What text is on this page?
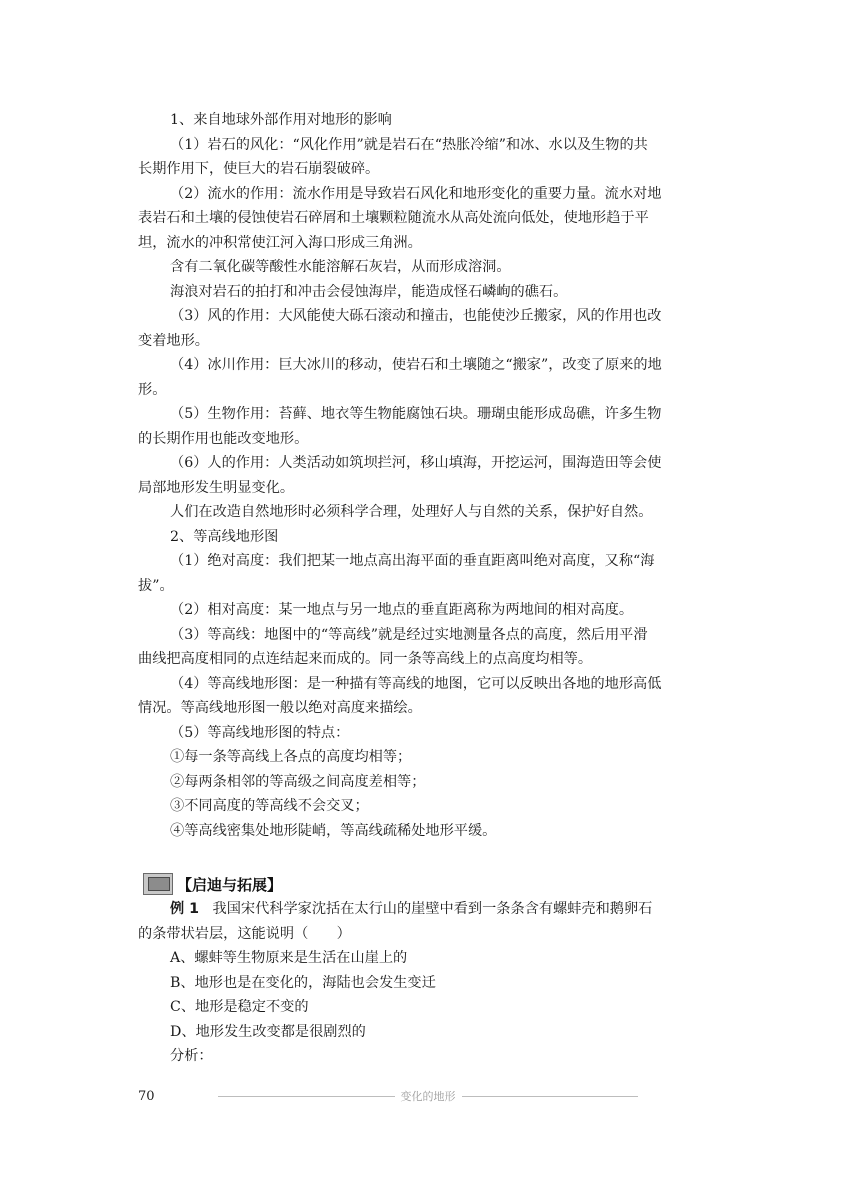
1、来自地球外部作用对地形的影响
（1）岩石的风化：“风化作用”就是岩石在“热胀冷缩”和冰、水以及生物的共
长期作用下，使巨大的岩石崩裂破碎。
（2）流水的作用：流水作用是导致岩石风化和地形变化的重要力量。流水对地
表岩石和土壤的侵蚀使岩石碎屑和土壤颗粒随流水从高处流向低处，使地形趋于平
坦，流水的冲积常使江河入海口形成三角洲。
含有二氧化碳等酸性水能溶解石灰岩，从而形成溶洞。
海浪对岩石的拍打和冲击会侵蚀海岸，能造成怪石嶙峋的礁石。
（3）风的作用：大风能使大砾石滚动和撞击，也能使沙丘搬家，风的作用也改
变着地形。
（4）冰川作用：巨大冰川的移动，使岩石和土壤随之“搬家”，改变了原来的地
形。
（5）生物作用：苔藓、地衣等生物能腐蚀石块。珊瑚虫能形成岛礁，许多生物
的长期作用也能改变地形。
（6）人的作用：人类活动如筑坝拦河，移山填海，开挖运河，围海造田等会使
局部地形发生明显变化。
人们在改造自然地形时必须科学合理，处理好人与自然的关系，保护好自然。
2、等高线地形图
（1）绝对高度：我们把某一地点高出海平面的垂直距离叫绝对高度，又称“海
拔”。
（2）相对高度：某一地点与另一地点的垂直距离称为两地间的相对高度。
（3）等高线：地图中的“等高线”就是经过实地测量各点的高度，然后用平滑
曲线把高度相同的点连结起来而成的。同一条等高线上的点高度均相等。
（4）等高线地形图：是一种描有等高线的地图，它可以反映出各地的地形高低
情况。等高线地形图一般以绝对高度来描绘。
（5）等高线地形图的特点：
①每一条等高线上各点的高度均相等；
②每两条相邻的等高级之间高度差相等；
③不同高度的等高线不会交叉；
④等高线密集处地形陡峭，等高线疏稀处地形平缓。
【启迪与拓展】
例 1 我国宋代科学家沈括在太行山的崖壁中看到一条条含有螺蚌壳和鹅卵石
的条带状岩层，这能说明（　　）
A、螺蚌等生物原来是生活在山崖上的
B、地形也是在变化的，海陆也会发生变迁
C、地形是稳定不变的
D、地形发生改变都是很剧烈的
分析：
70	变化的地形
